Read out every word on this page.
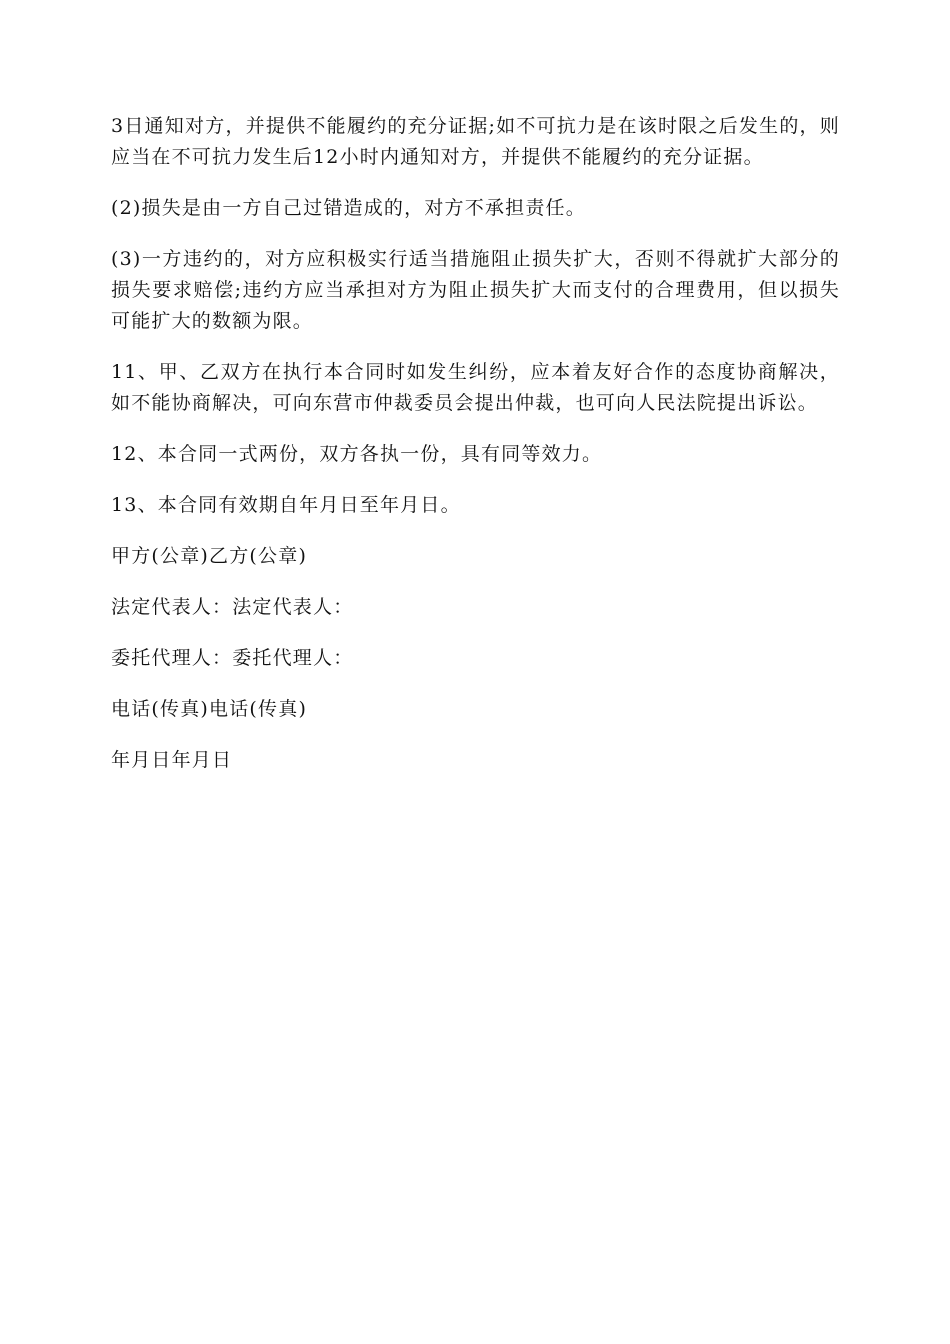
3日通知对方，并提供不能履约的充分证据;如不可抗力是在该时限之后发生的，则应当在不可抗力发生后12小时内通知对方，并提供不能履约的充分证据。

(2)损失是由一方自己过错造成的，对方不承担责任。

(3)一方违约的，对方应积极实行适当措施阻止损失扩大，否则不得就扩大部分的损失要求赔偿;违约方应当承担对方为阻止损失扩大而支付的合理费用，但以损失可能扩大的数额为限。

11、甲、乙双方在执行本合同时如发生纠纷，应本着友好合作的态度协商解决，如不能协商解决，可向东营市仲裁委员会提出仲裁，也可向人民法院提出诉讼。

12、本合同一式两份，双方各执一份，具有同等效力。

13、本合同有效期自年月日至年月日。

甲方(公章)乙方(公章)

法定代表人：法定代表人：

委托代理人：委托代理人：

电话(传真)电话(传真)

年月日年月日
